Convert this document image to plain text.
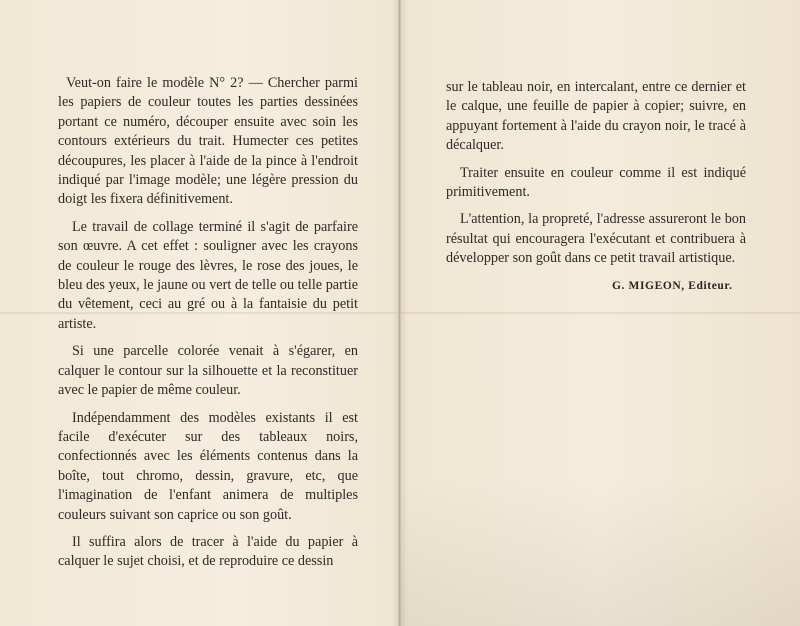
Veut-on faire le modèle N° 2? — Chercher parmi les papiers de couleur toutes les parties dessinées portant ce numéro, découper ensuite avec soin les contours extérieurs du trait. Humecter ces petites découpures, les placer à l'aide de la pince à l'endroit indiqué par l'image modèle; une légère pression du doigt les fixera définitivement.

Le travail de collage terminé il s'agit de parfaire son œuvre. A cet effet : souligner avec les crayons de couleur le rouge des lèvres, le rose des joues, le bleu des yeux, le jaune ou vert de telle ou telle partie du vêtement, ceci au gré ou à la fantaisie du petit artiste.

Si une parcelle colorée venait à s'égarer, en calquer le contour sur la silhouette et la reconstituer avec le papier de même couleur.

Indépendamment des modèles existants il est facile d'exécuter sur des tableaux noirs, confectionnés avec les éléments contenus dans la boîte, tout chromo, dessin, gravure, etc, que l'imagination de l'enfant animera de multiples couleurs suivant son caprice ou son goût.

Il suffira alors de tracer à l'aide du papier à calquer le sujet choisi, et de reproduire ce dessin

sur le tableau noir, en intercalant, entre ce dernier et le calque, une feuille de papier à copier; suivre, en appuyant fortement à l'aide du crayon noir, le tracé à décalquer.

Traiter ensuite en couleur comme il est indiqué primitivement.

L'attention, la propreté, l'adresse assureront le bon résultat qui encouragera l'exécutant et contribuera à développer son goût dans ce petit travail artistique.

G. MIGEON, Editeur.
